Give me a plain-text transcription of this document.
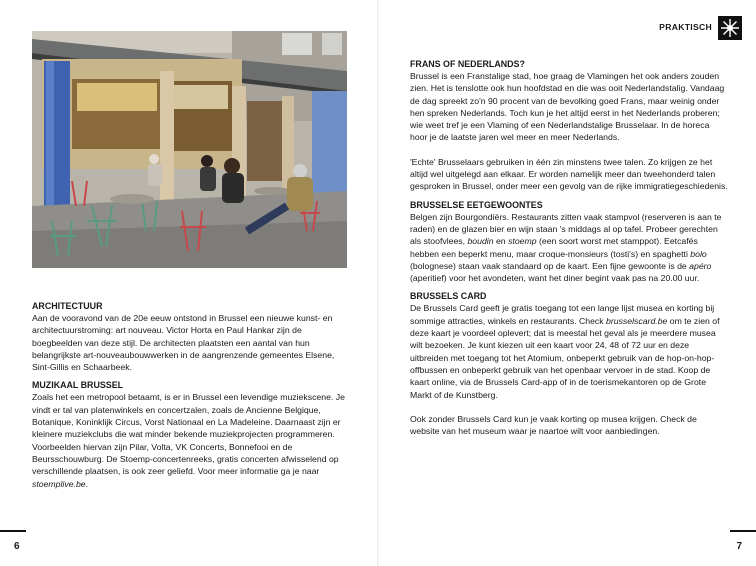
ARCHITECTUUR

Aan de vooravond van de 20e eeuw ontstond in Brussel een nieuwe kunst- en architectuurstroming: art nouveau. Victor Horta en Paul Hankar zijn de boegbeelden van deze stijl. De architecten plaatsten een aantal van hun belangrijkste art-nouveaubouwwerken in de aangrenzende gemeentes Elsene, Sint-Gillis en Schaarbeek.

MUZIKAAL BRUSSEL

Zoals het een metropool betaamt, is er in Brussel een levendige muziekscene. Je vindt er tal van platenwinkels en concertzalen, zoals de Ancienne Belgique, Botanique, Koninklijk Circus, Vorst Nationaal en La Madeleine. Daarnaast zijn er kleinere muziekclubs die wat minder bekende muziekprojecten programmeren. Voorbeelden hiervan zijn Pilar, Volta, VK Concerts, Bonnefooi en de Beursschouwburg. De Stoemp-concertenreeks, gratis concerten afwisselend op verschillende plaatsen, is ook zeer geliefd. Voor meer informatie ga je naar stoemplive.be.

6
PRAKTISCH
FRANS OF NEDERLANDS?

Brussel is een Franstalige stad, hoe graag de Vlamingen het ook anders zouden zien. Het is tenslotte ook hun hoofdstad en die was ooit Nederlandstalig. Vandaag de dag spreekt zo'n 90 procent van de bevolking goed Frans, maar weinig onder hen spreken Nederlands. Toch kun je het altijd eerst in het Nederlands proberen; wie weet tref je een Vlaming of een Nederlandstalige Brusselaar. In de horeca hoor je de laatste jaren wel meer en meer Nederlands.

'Echte' Brusselaars gebruiken in één zin minstens twee talen. Zo krijgen ze het altijd wel uitgelegd aan elkaar. Er worden namelijk meer dan tweehonderd talen gesproken in Brussel, onder meer een gevolg van de rijke immigratiegeschiedenis.

BRUSSELSE EETGEWOONTES

Belgen zijn Bourgondiërs. Restaurants zitten vaak stampvol (reserveren is aan te raden) en de glazen bier en wijn staan 's middags al op tafel. Probeer gerechten als stoofvlees, boudin en stoemp (een soort worst met stamppot). Eetcafés hebben een beperkt menu, maar croque-monsieurs (tosti's) en spaghetti bolo (bolognese) staan vaak standaard op de kaart. Een fijne gewoonte is de apéro (aperitief) voor het avondeten, want het diner begint vaak pas na 20.00 uur.

BRUSSELS CARD

De Brussels Card geeft je gratis toegang tot een lange lijst musea en korting bij sommige attracties, winkels en restaurants. Check brusselscard.be om te zien of deze kaart je voordeel oplevert; dat is meestal het geval als je meerdere musea wilt bezoeken. Je kunt kiezen uit een kaart voor 24, 48 of 72 uur en deze uitbreiden met toegang tot het Atomium, onbeperkt gebruik van de hop-on-hop-offbussen en onbeperkt gebruik van het openbaar vervoer in de stad. Koop de kaart online, via de Brussels Card-app of in de toerismekantoren op de Grote Markt of de Kunstberg.

Ook zonder Brussels Card kun je vaak korting op musea krijgen. Check de website van het museum waar je naartoe wilt voor aanbiedingen.

7
